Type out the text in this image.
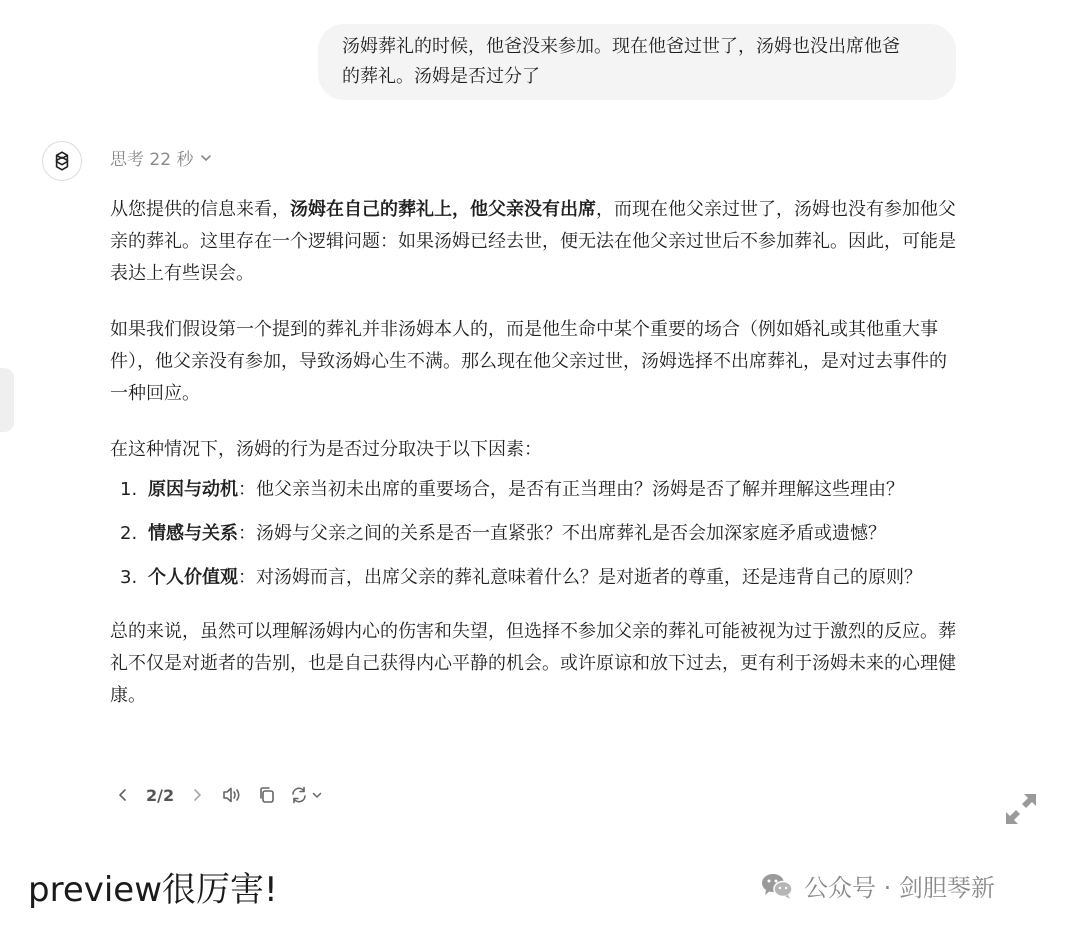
汤姆葬礼的时候，他爸没来参加。现在他爸过世了，汤姆也没出席他爸
的葬礼。汤姆是否过分了
思考 22 秒

从您提供的信息来看，汤姆在自己的葬礼上，他父亲没有出席，而现在他父亲过世了，汤姆也没有参加他父亲的葬礼。这里存在一个逻辑问题：如果汤姆已经去世，便无法在他父亲过世后不参加葬礼。因此，可能是表达上有些误会。

如果我们假设第一个提到的葬礼并非汤姆本人的，而是他生命中某个重要的场合（例如婚礼或其他重大事件），他父亲没有参加，导致汤姆心生不满。那么现在他父亲过世，汤姆选择不出席葬礼，是对过去事件的一种回应。

在这种情况下，汤姆的行为是否过分取决于以下因素：

1. 原因与动机：他父亲当初未出席的重要场合，是否有正当理由？汤姆是否了解并理解这些理由？
2. 情感与关系：汤姆与父亲之间的关系是否一直紧张？不出席葬礼是否会加深家庭矛盾或遗憾？
3. 个人价值观：对汤姆而言，出席父亲的葬礼意味着什么？是对逝者的尊重，还是违背自己的原则？

总的来说，虽然可以理解汤姆内心的伤害和失望，但选择不参加父亲的葬礼可能被视为过于激烈的反应。葬礼不仅是对逝者的告别，也是自己获得内心平静的机会。或许原谅和放下过去，更有利于汤姆未来的心理健康。

2/2
preview很厉害!	公众号 · 剑胆琴新
